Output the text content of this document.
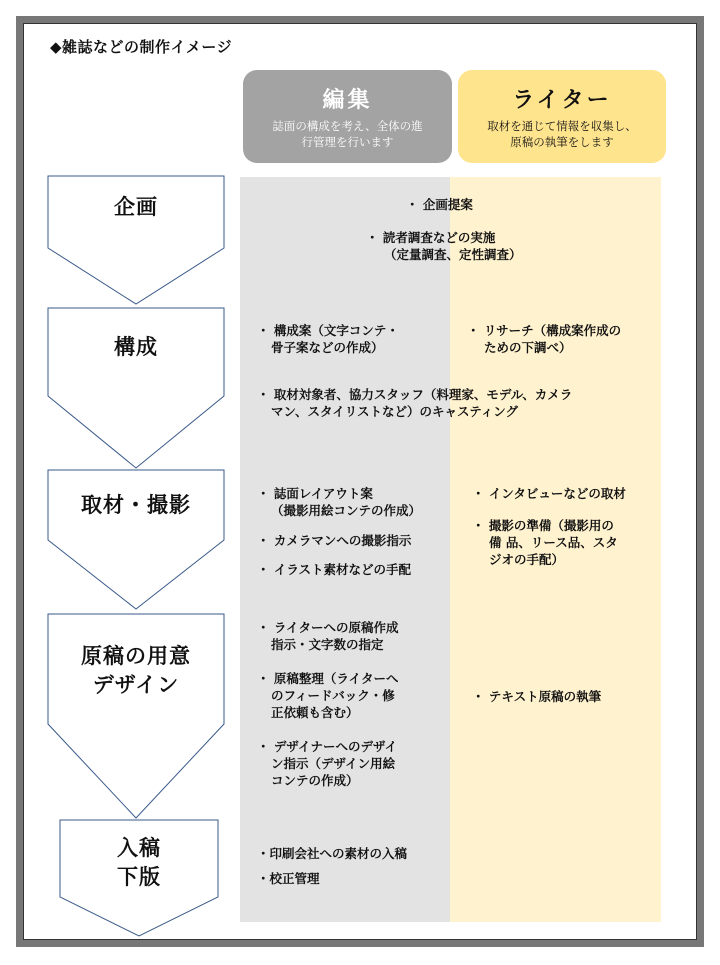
◆雑誌などの制作イメージ
編集
誌面の構成を考え、全体の進
行管理を行います
ライター
取材を通じて情報を収集し、
原稿の執筆をします
企画
構成
取材・撮影
原稿の用意
デザイン
入稿
下版
・ 企画提案
・ 読者調査などの実施
（定量調査、定性調査）
・ 構成案（文字コンテ・
骨子案などの作成）
・ リサーチ（構成案作成の
ための下調べ）
・ 取材対象者、協力スタッフ（料理家、モデル、カメラ
マン、スタイリストなど）のキャスティング
・ 誌面レイアウト案
（撮影用絵コンテの作成）
・ カメラマンへの撮影指示
・ イラスト素材などの手配
・ インタビューなどの取材
・ 撮影の準備（撮影用の
備 品、リース品、スタ
ジオの手配）
・ ライターへの原稿作成
指示・文字数の指定
・ 原稿整理（ライターへ
のフィードバック・修
正依頼も含む）
・ デザイナーへのデザイ
ン指示（デザイン用絵
コンテの作成）
・ テキスト原稿の執筆
・印刷会社への素材の入稿
・校正管理
